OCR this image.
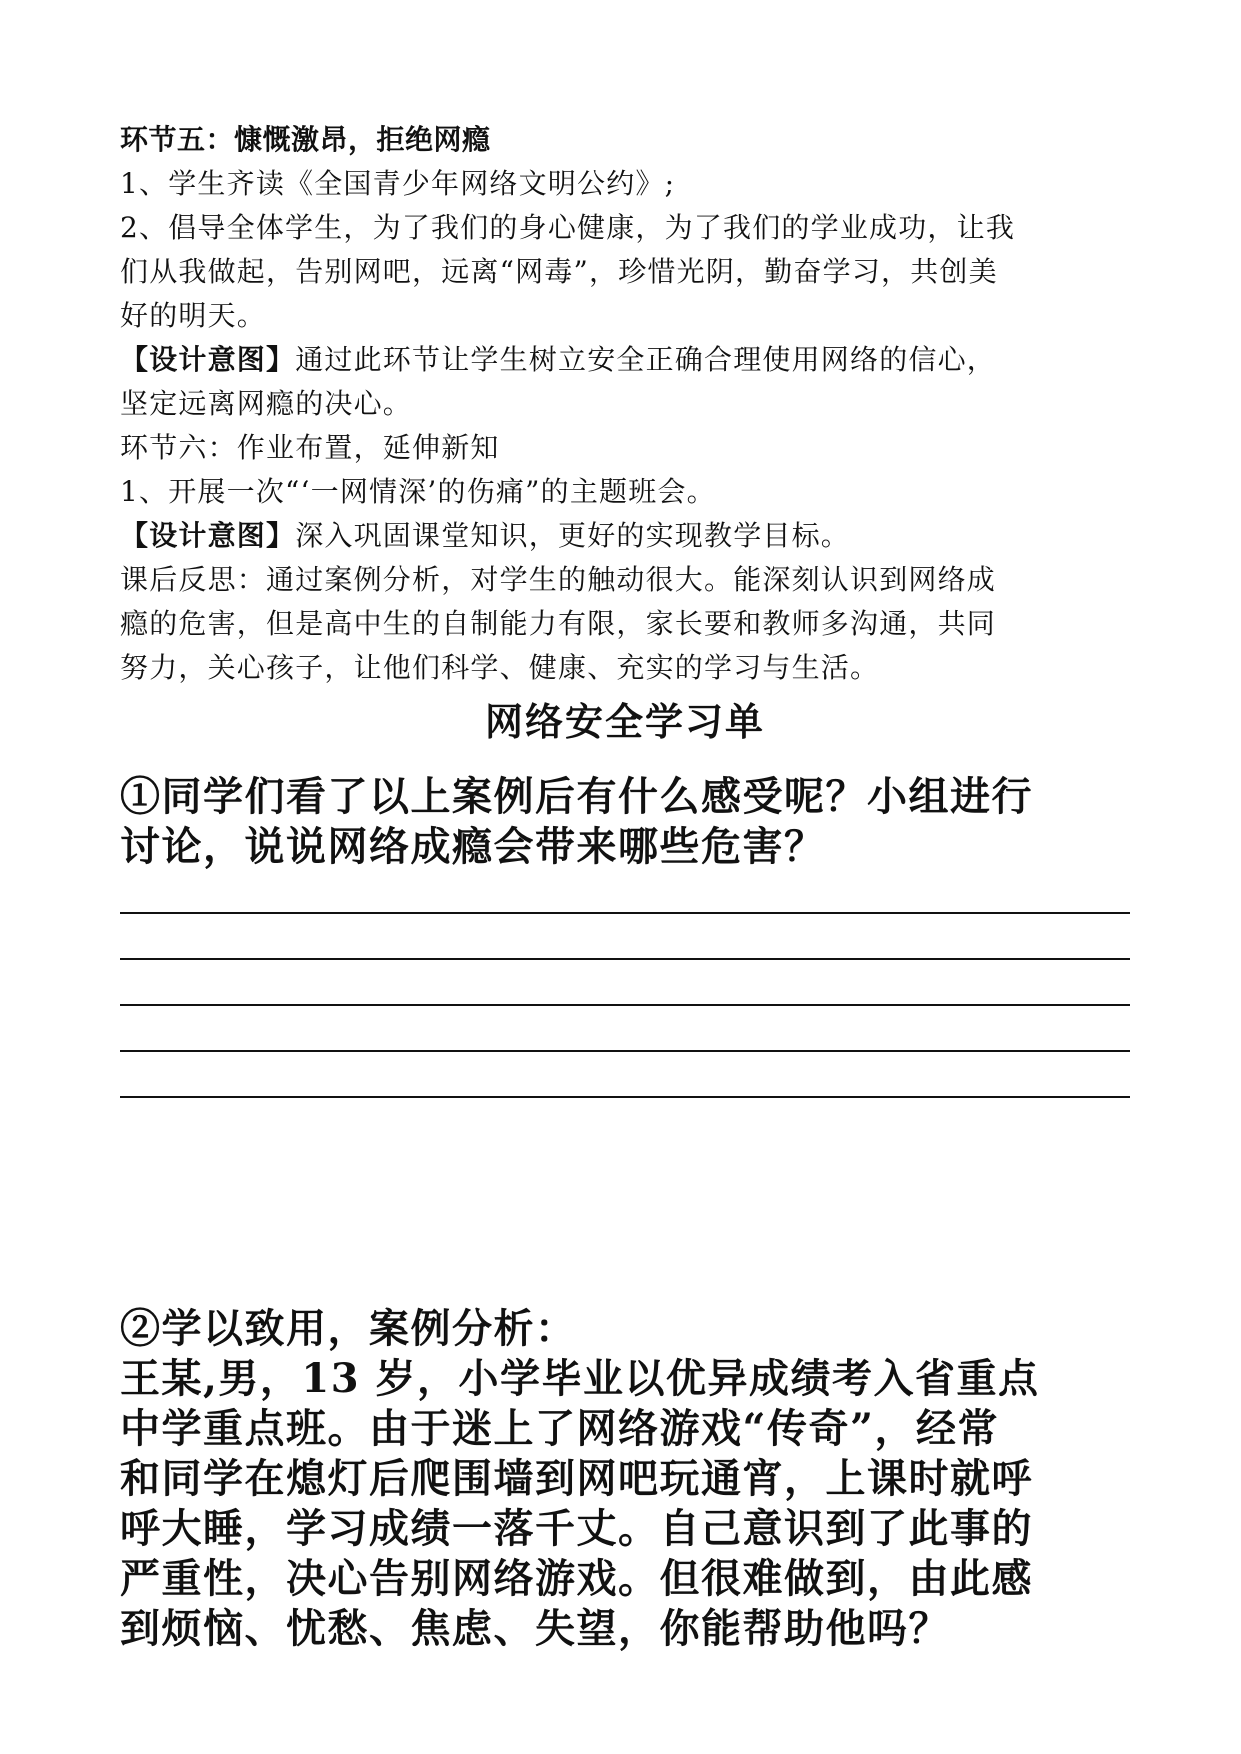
环节五：慷慨激昂，拒绝网瘾
1、学生齐读《全国青少年网络文明公约》;
2、倡导全体学生，为了我们的身心健康，为了我们的学业成功，让我
们从我做起，告别网吧，远离“网毒”，珍惜光阴，勤奋学习，共创美
好的明天。
【设计意图】通过此环节让学生树立安全正确合理使用网络的信心，
坚定远离网瘾的决心。
环节六：作业布置，延伸新知
1、开展一次“‘一网情深’的伤痛”的主题班会。
【设计意图】深入巩固课堂知识，更好的实现教学目标。
课后反思：通过案例分析，对学生的触动很大。能深刻认识到网络成
瘾的危害，但是高中生的自制能力有限，家长要和教师多沟通，共同
努力，关心孩子，让他们科学、健康、充实的学习与生活。
网络安全学习单
①同学们看了以上案例后有什么感受呢？小组进行
讨论，说说网络成瘾会带来哪些危害？
②学以致用，案例分析：
王某,男，13 岁，小学毕业以优异成绩考入省重点
中学重点班。由于迷上了网络游戏“传奇”，经常
和同学在熄灯后爬围墙到网吧玩通宵，上课时就呼
呼大睡，学习成绩一落千丈。自己意识到了此事的
严重性，决心告别网络游戏。但很难做到，由此感
到烦恼、忧愁、焦虑、失望，你能帮助他吗？
